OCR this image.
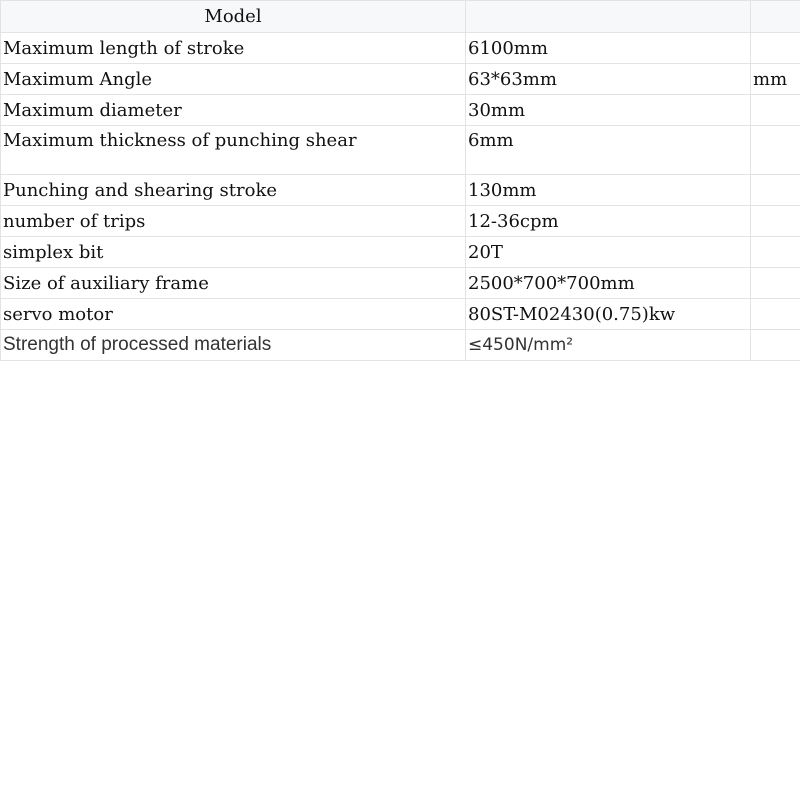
Model		
Maximum length of stroke	6100mm	
Maximum Angle	63*63mm	mm
Maximum diameter	30mm	
Maximum thickness of punching shear	6mm	
Punching and shearing stroke	130mm	
number of trips	12-36cpm	
simplex bit	20T	
Size of auxiliary frame	2500*700*700mm	
servo motor	80ST-M02430(0.75)kw	
Strength of processed materials	≤450N/mm²	
